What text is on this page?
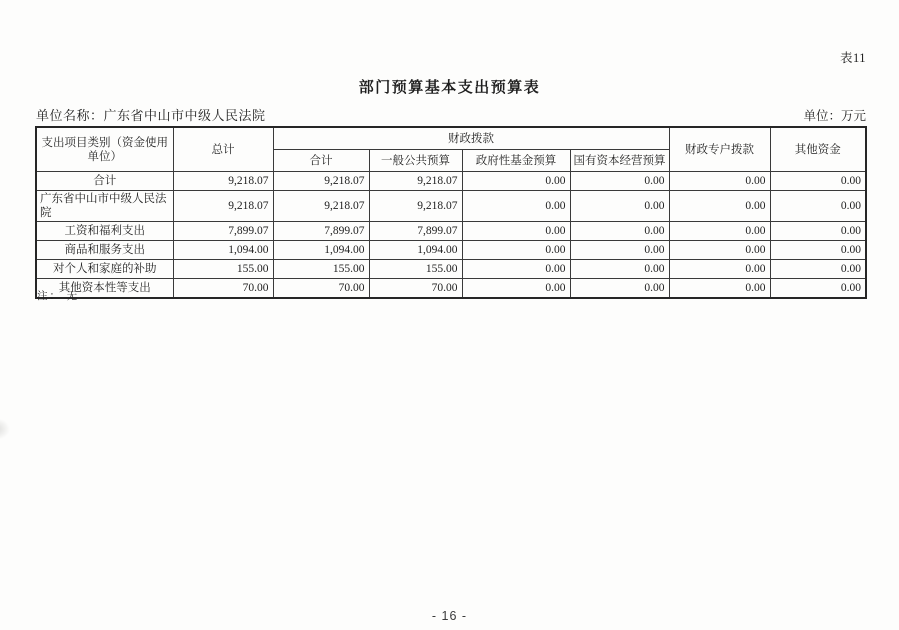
表11
部门预算基本支出预算表
单位名称：广东省中山市中级人民法院	单位：万元
支出项目类别（资金使用单位）	总计	财政拨款				财政专户拨款	其他资金
		合计	一般公共预算	政府性基金预算	国有资本经营预算		
合计	9,218.07	9,218.07	9,218.07	0.00	0.00	0.00	0.00
广东省中山市中级人民法院	9,218.07	9,218.07	9,218.07	0.00	0.00	0.00	0.00
工资和福利支出	7,899.07	7,899.07	7,899.07	0.00	0.00	0.00	0.00
商品和服务支出	1,094.00	1,094.00	1,094.00	0.00	0.00	0.00	0.00
对个人和家庭的补助	155.00	155.00	155.00	0.00	0.00	0.00	0.00
其他资本性等支出	70.00	70.00	70.00	0.00	0.00	0.00	0.00
注： 无
- 16 -
